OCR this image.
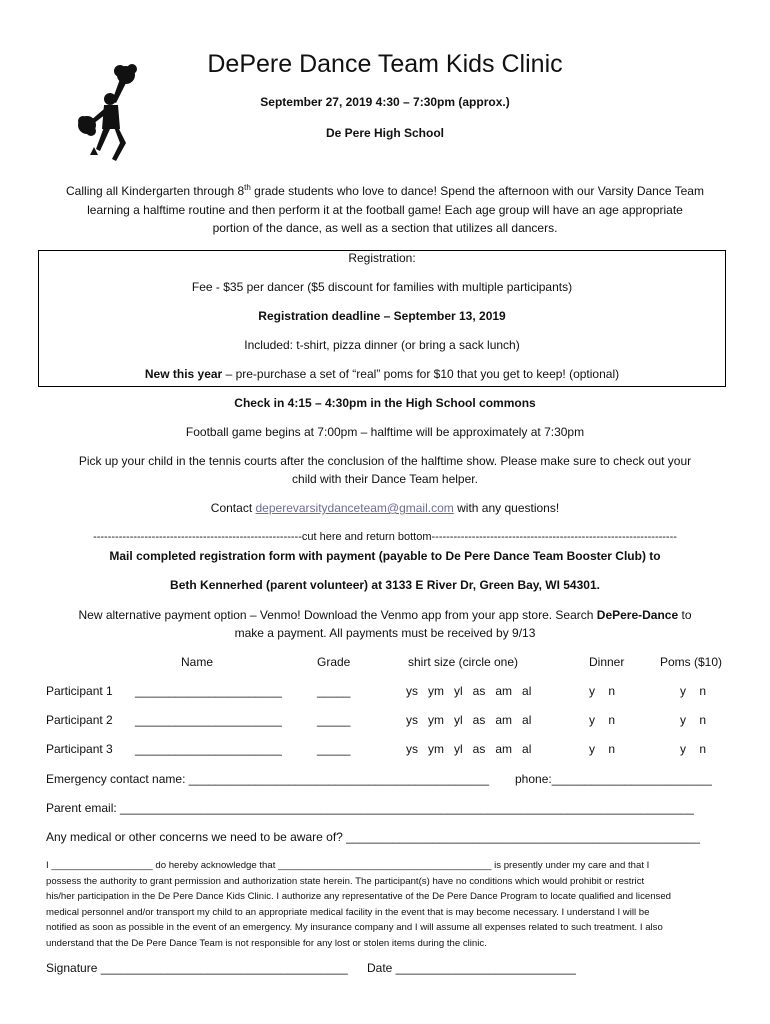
DePere Dance Team Kids Clinic
September 27, 2019 4:30 – 7:30pm (approx.)
De Pere High School
Calling all Kindergarten through 8th grade students who love to dance! Spend the afternoon with our Varsity Dance Team
learning a halftime routine and then perform it at the football game! Each age group will have an age appropriate
portion of the dance, as well as a section that utilizes all dancers.
Registration:
Fee - $35 per dancer ($5 discount for families with multiple participants)
Registration deadline – September 13, 2019
Included: t-shirt, pizza dinner (or bring a sack lunch)
New this year – pre-purchase a set of “real” poms for $10 that you get to keep! (optional)
Check in 4:15 – 4:30pm in the High School commons
Football game begins at 7:00pm – halftime will be approximately at 7:30pm
Pick up your child in the tennis courts after the conclusion of the halftime show. Please make sure to check out your
child with their Dance Team helper.
Contact deperevarsitydanceteam@gmail.com with any questions!
---------------------------------------------------------cut here and return bottom-------------------------------------------------------------------
Mail completed registration form with payment (payable to De Pere Dance Team Booster Club) to
Beth Kennerhed (parent volunteer) at 3133 E River Dr, Green Bay, WI 54301.
New alternative payment option – Venmo! Download the Venmo app from your app store. Search DePere-Dance to
make a payment. All payments must be received by 9/13
Name	Grade	shirt size (circle one)	Dinner	Poms ($10)
Participant 1 ______________________	_____	ys   ym   yl   as   am   al	y    n	y    n
Participant 2 ______________________	_____	ys   ym   yl   as   am   al	y    n	y    n
Participant 3 ______________________	_____	ys   ym   yl   as   am   al	y    n	y    n
Emergency contact name: _____________________________________________ phone:________________________
Parent email: ______________________________________________________________________________________
Any medical or other concerns we need to be aware of? _____________________________________________________
I ___________________ do hereby acknowledge that ________________________________________ is presently under my care and that I
possess the authority to grant permission and authorization state herein. The participant(s) have no conditions which would prohibit or restrict
his/her participation in the De Pere Dance Kids Clinic. I authorize any representative of the De Pere Dance Program to locate qualified and licensed
medical personnel and/or transport my child to an appropriate medical facility in the event that is may become necessary. I understand I will be
notified as soon as possible in the event of an emergency. My insurance company and I will assume all expenses related to such treatment. I also
understand that the De Pere Dance Team is not responsible for any lost or stolen items during the clinic.
Signature _____________________________________ Date ___________________________
